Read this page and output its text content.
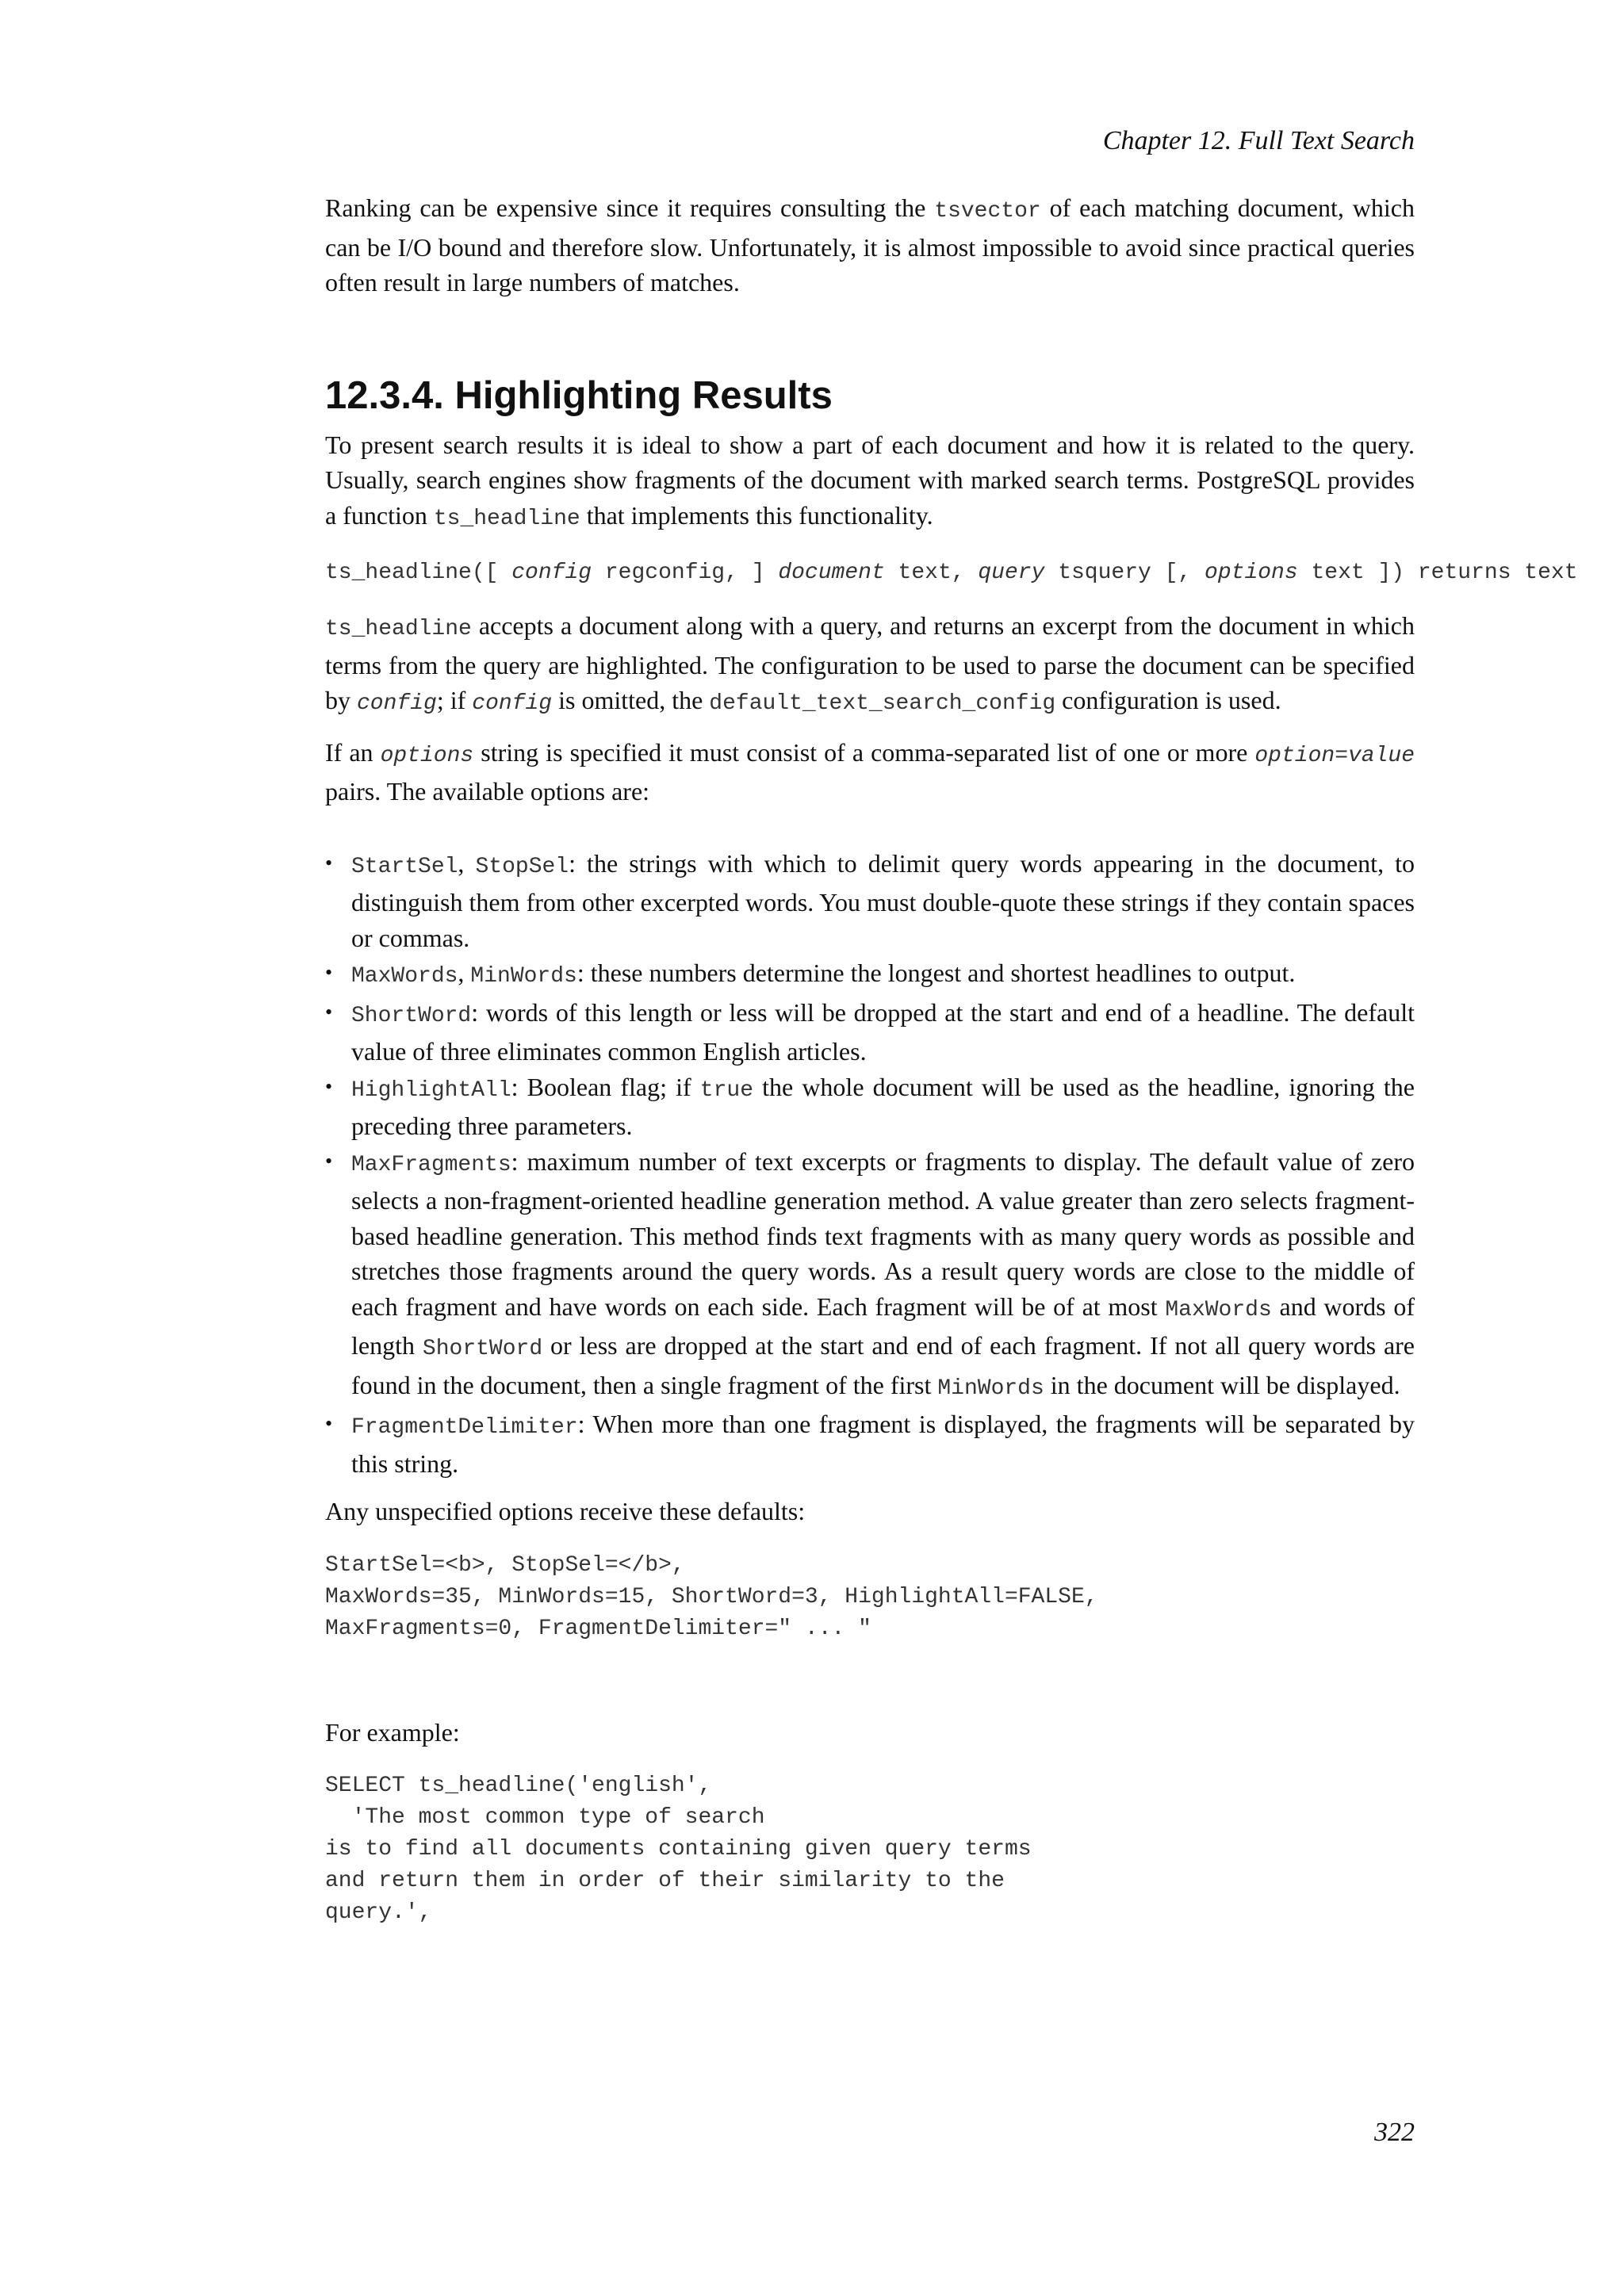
Chapter 12. Full Text Search

Ranking can be expensive since it requires consulting the tsvector of each matching document, which can be I/O bound and therefore slow. Unfortunately, it is almost impossible to avoid since practical queries often result in large numbers of matches.

12.3.4. Highlighting Results

To present search results it is ideal to show a part of each document and how it is related to the query. Usually, search engines show fragments of the document with marked search terms. PostgreSQL provides a function ts_headline that implements this functionality.

ts_headline([ config regconfig, ] document text, query tsquery [, options text ]) returns text

ts_headline accepts a document along with a query, and returns an excerpt from the document in which terms from the query are highlighted. The configuration to be used to parse the document can be specified by config; if config is omitted, the default_text_search_config configuration is used.

If an options string is specified it must consist of a comma-separated list of one or more option=value pairs. The available options are:

• StartSel, StopSel: the strings with which to delimit query words appearing in the document, to distinguish them from other excerpted words. You must double-quote these strings if they contain spaces or commas.
• MaxWords, MinWords: these numbers determine the longest and shortest headlines to output.
• ShortWord: words of this length or less will be dropped at the start and end of a headline. The default value of three eliminates common English articles.
• HighlightAll: Boolean flag; if true the whole document will be used as the headline, ignoring the preceding three parameters.
• MaxFragments: maximum number of text excerpts or fragments to display. The default value of zero selects a non-fragment-oriented headline generation method. A value greater than zero selects fragment-based headline generation. This method finds text fragments with as many query words as possible and stretches those fragments around the query words. As a result query words are close to the middle of each fragment and have words on each side. Each fragment will be of at most MaxWords and words of length ShortWord or less are dropped at the start and end of each fragment. If not all query words are found in the document, then a single fragment of the first MinWords in the document will be displayed.
• FragmentDelimiter: When more than one fragment is displayed, the fragments will be separated by this string.

Any unspecified options receive these defaults:

StartSel=<b>, StopSel=</b>,
MaxWords=35, MinWords=15, ShortWord=3, HighlightAll=FALSE,
MaxFragments=0, FragmentDelimiter=" ... "

For example:

SELECT ts_headline('english',
'The most common type of search
is to find all documents containing given query terms
and return them in order of their similarity to the
query.',
322
